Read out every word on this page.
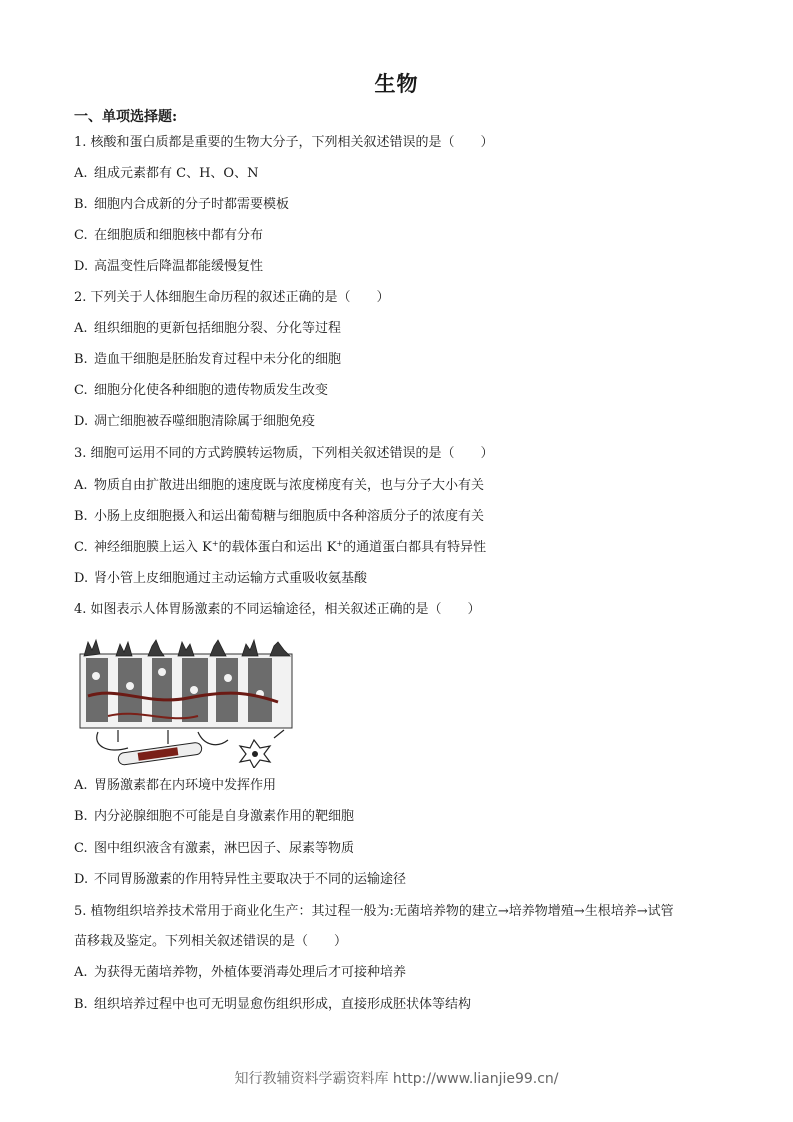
生物
一、单项选择题:
1. 核酸和蛋白质都是重要的生物大分子，下列相关叙述错误的是（　　）
A. 组成元素都有 C、H、O、N
B. 细胞内合成新的分子时都需要模板
C. 在细胞质和细胞核中都有分布
D. 高温变性后降温都能缓慢复性
2. 下列关于人体细胞生命历程的叙述正确的是（　　）
A. 组织细胞的更新包括细胞分裂、分化等过程
B. 造血干细胞是胚胎发育过程中未分化的细胞
C. 细胞分化使各种细胞的遗传物质发生改变
D. 凋亡细胞被吞噬细胞清除属于细胞免疫
3. 细胞可运用不同的方式跨膜转运物质，下列相关叙述错误的是（　　）
A. 物质自由扩散进出细胞的速度既与浓度梯度有关，也与分子大小有关
B. 小肠上皮细胞摄入和运出葡萄糖与细胞质中各种溶质分子的浓度有关
C. 神经细胞膜上运入 K+的载体蛋白和运出 K+的通道蛋白都具有特异性
D. 肾小管上皮细胞通过主动运输方式重吸收氨基酸
4. 如图表示人体胃肠激素的不同运输途径，相关叙述正确的是（　　）
A. 胃肠激素都在内环境中发挥作用
B. 内分泌腺细胞不可能是自身激素作用的靶细胞
C. 图中组织液含有激素，淋巴因子、尿素等物质
D. 不同胃肠激素的作用特异性主要取决于不同的运输途径
5. 植物组织培养技术常用于商业化生产：其过程一般为:无菌培养物的建立→培养物增殖→生根培养→试管
苗移栽及鉴定。下列相关叙述错误的是（　　）
A. 为获得无菌培养物，外植体要消毒处理后才可接种培养
B. 组织培养过程中也可无明显愈伤组织形成，直接形成胚状体等结构
知行教辅资料学霸资料库 http://www.lianjie99.cn/
